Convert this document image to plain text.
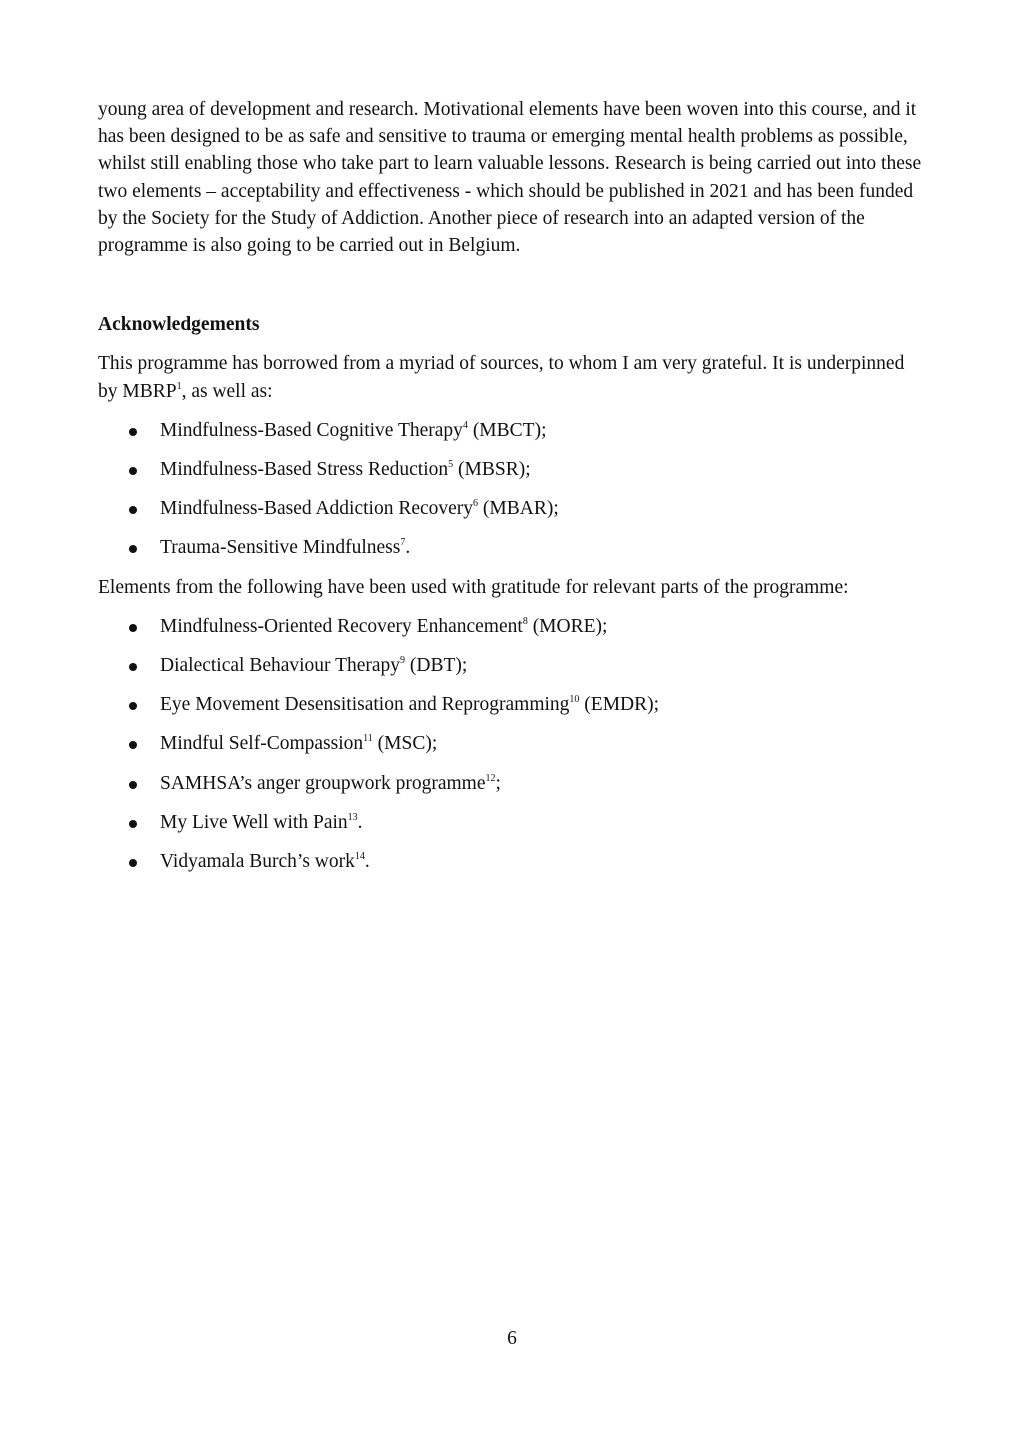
young area of development and research. Motivational elements have been woven into this course, and it has been designed to be as safe and sensitive to trauma or emerging mental health problems as possible, whilst still enabling those who take part to learn valuable lessons. Research is being carried out into these two elements – acceptability and effectiveness - which should be published in 2021 and has been funded by the Society for the Study of Addiction. Another piece of research into an adapted version of the programme is also going to be carried out in Belgium.

Acknowledgements

This programme has borrowed from a myriad of sources, to whom I am very grateful. It is underpinned by MBRP$^1$, as well as:

Mindfulness-Based Cognitive Therapy$^4$ (MBCT);
Mindfulness-Based Stress Reduction$^5$ (MBSR);
Mindfulness-Based Addiction Recovery$^6$ (MBAR);
Trauma-Sensitive Mindfulness$^7$.

Elements from the following have been used with gratitude for relevant parts of the programme:

Mindfulness-Oriented Recovery Enhancement$^8$ (MORE);
Dialectical Behaviour Therapy$^9$ (DBT);
Eye Movement Desensitisation and Reprogramming$^{10}$ (EMDR);
Mindful Self-Compassion$^{11}$ (MSC);
SAMHSA’s anger groupwork programme$^{12}$;
My Live Well with Pain$^{13}$.
Vidyamala Burch’s work$^{14}$.
6
